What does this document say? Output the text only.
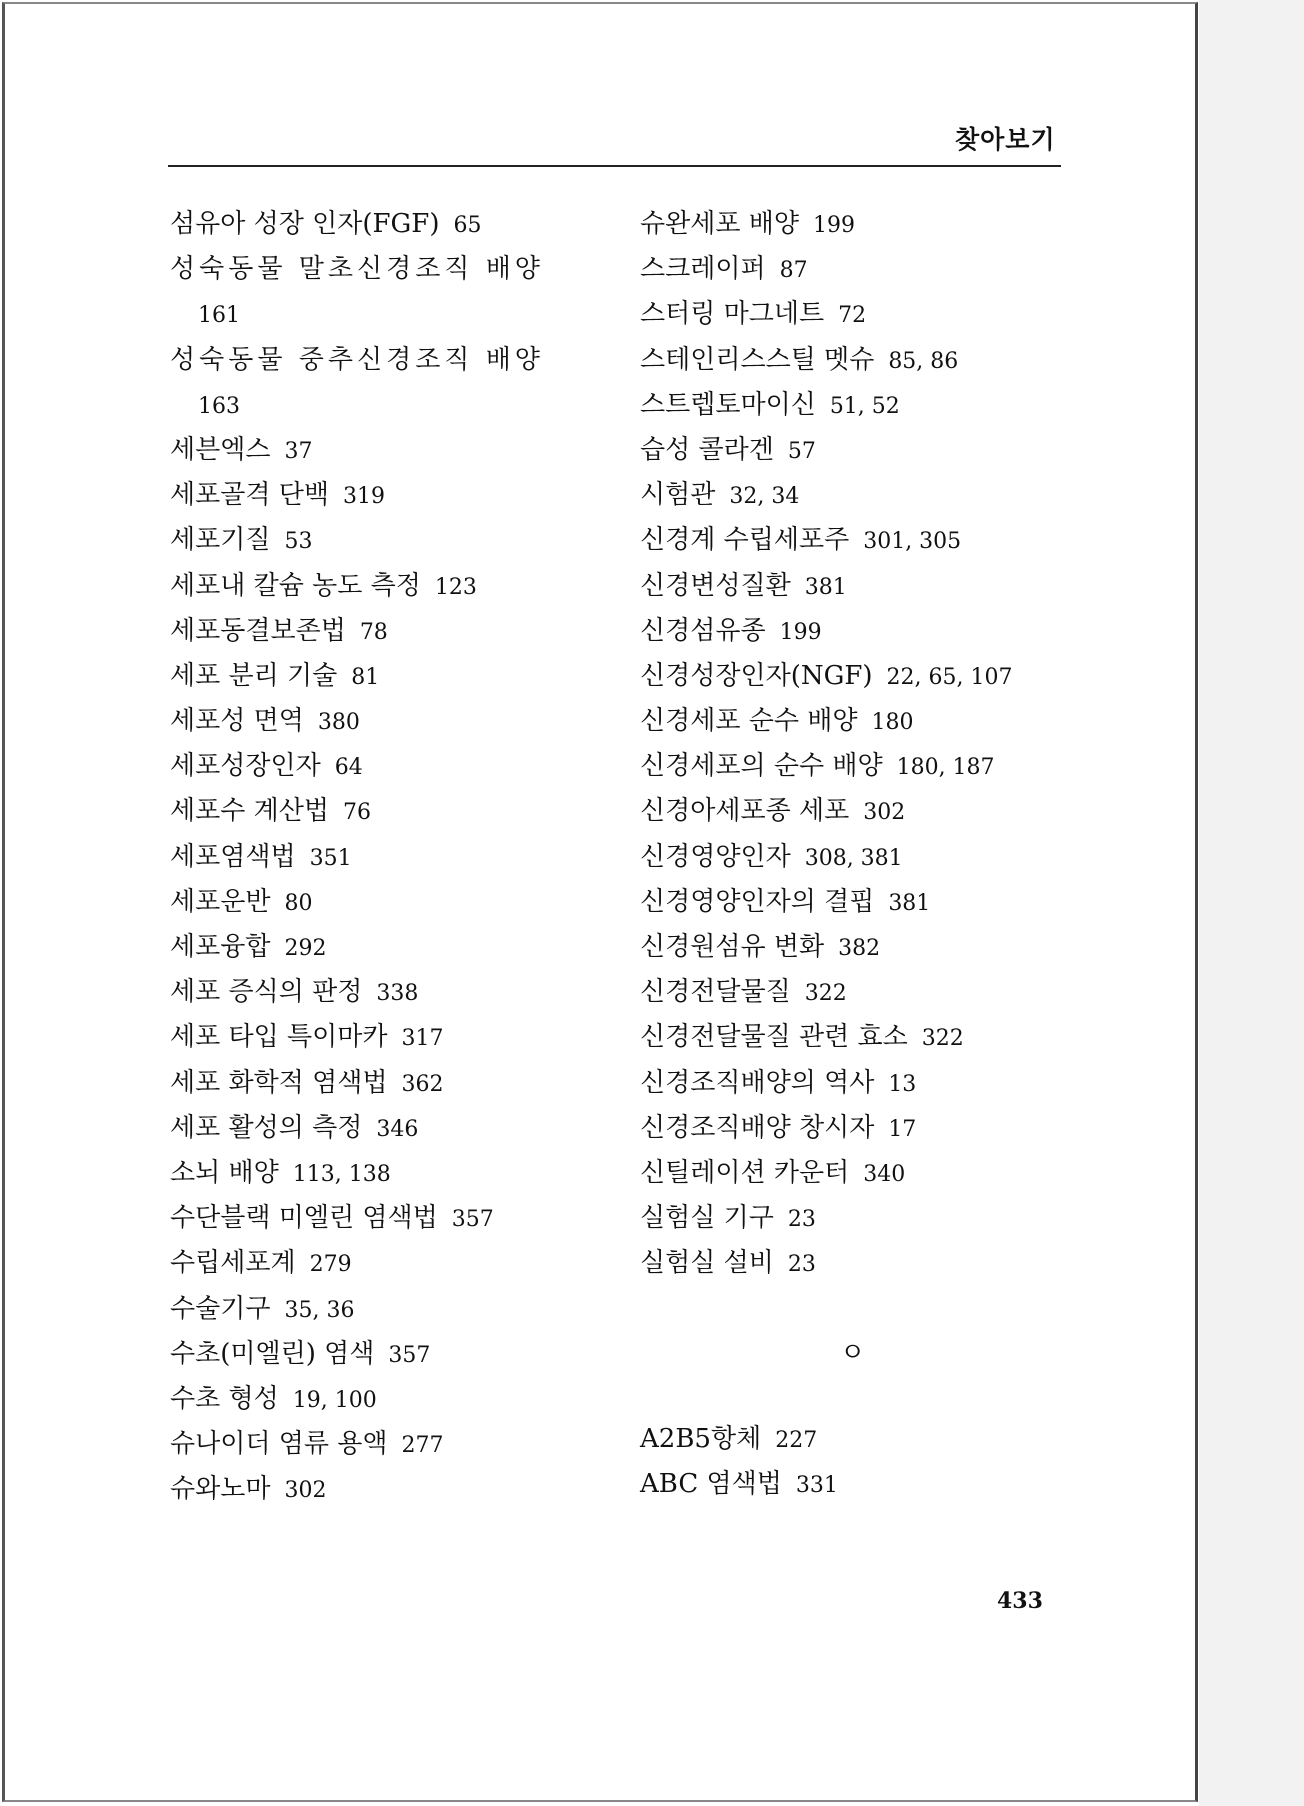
찾아보기
섬유아 성장 인자(FGF) 65
성숙동물 말초신경조직 배양
161
성숙동물 중추신경조직 배양
163
세븐엑스 37
세포골격 단백 319
세포기질 53
세포내 칼슘 농도 측정 123
세포동결보존법 78
세포 분리 기술 81
세포성 면역 380
세포성장인자 64
세포수 계산법 76
세포염색법 351
세포운반 80
세포융합 292
세포 증식의 판정 338
세포 타입 특이마카 317
세포 화학적 염색법 362
세포 활성의 측정 346
소뇌 배양 113, 138
수단블랙 미엘린 염색법 357
수립세포계 279
수술기구 35, 36
수초(미엘린) 염색 357
수초 형성 19, 100
슈나이더 염류 용액 277
슈와노마 302
슈완세포 배양 199
스크레이퍼 87
스터링 마그네트 72
스테인리스스틸 멧슈 85, 86
스트렙토마이신 51, 52
습성 콜라겐 57
시험관 32, 34
신경계 수립세포주 301, 305
신경변성질환 381
신경섬유종 199
신경성장인자(NGF) 22, 65, 107
신경세포 순수 배양 180
신경세포의 순수 배양 180, 187
신경아세포종 세포 302
신경영양인자 308, 381
신경영양인자의 결핍 381
신경원섬유 변화 382
신경전달물질 322
신경전달물질 관련 효소 322
신경조직배양의 역사 13
신경조직배양 창시자 17
신틸레이션 카운터 340
실험실 기구 23
실험실 설비 23
ㅇ
A2B5항체 227
ABC 염색법 331
433
